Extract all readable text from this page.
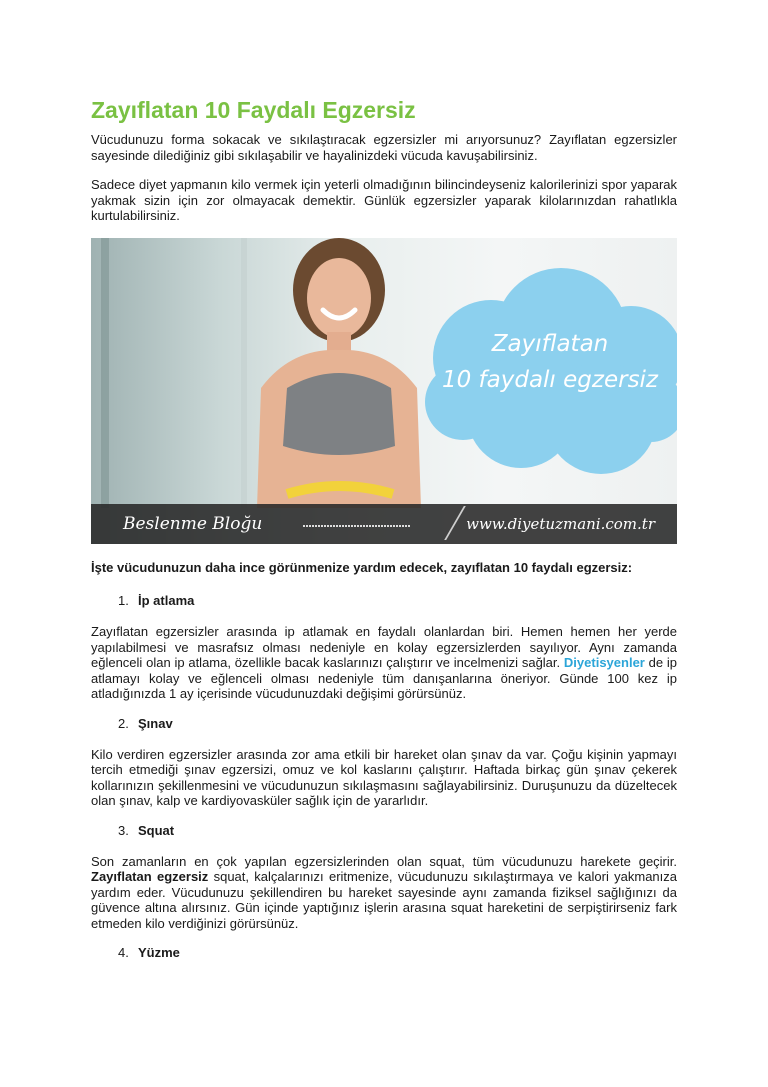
Zayıflatan 10 Faydalı Egzersiz

Vücudunuzu forma sokacak ve sıkılaştıracak egzersizler mi arıyorsunuz? Zayıflatan egzersizler sayesinde dilediğiniz gibi sıkılaşabilir ve hayalinizdeki vücuda kavuşabilirsiniz.

Sadece diyet yapmanın kilo vermek için yeterli olmadığının bilincindeyseniz kalorilerinizi spor yaparak yakmak sizin için zor olmayacak demektir. Günlük egzersizler yaparak kilolarınızdan rahatlıkla kurtulabilirsiniz.

Zayıflatan
10 faydalı egzersiz
Beslenme Bloğu	www.diyetuzmani.com.tr

İşte vücudunuzun daha ince görünmenize yardım edecek, zayıflatan 10 faydalı egzersiz:

1. İp atlama

Zayıflatan egzersizler arasında ip atlamak en faydalı olanlardan biri. Hemen hemen her yerde yapılabilmesi ve masrafsız olması nedeniyle en kolay egzersizlerden sayılıyor. Aynı zamanda eğlenceli olan ip atlama, özellikle bacak kaslarınızı çalıştırır ve incelmenizi sağlar. Diyetisyenler de ip atlamayı kolay ve eğlenceli olması nedeniyle tüm danışanlarına öneriyor. Günde 100 kez ip atladığınızda 1 ay içerisinde vücudunuzdaki değişimi görürsünüz.

2. Şınav

Kilo verdiren egzersizler arasında zor ama etkili bir hareket olan şınav da var. Çoğu kişinin yapmayı tercih etmediği şınav egzersizi, omuz ve kol kaslarını çalıştırır. Haftada birkaç gün şınav çekerek kollarınızın şekillenmesini ve vücudunuzun sıkılaşmasını sağlayabilirsiniz. Duruşunuzu da düzeltecek olan şınav, kalp ve kardiyovasküler sağlık için de yararlıdır.

3. Squat

Son zamanların en çok yapılan egzersizlerinden olan squat, tüm vücudunuzu harekete geçirir. Zayıflatan egzersiz squat, kalçalarınızı eritmenize, vücudunuzu sıkılaştırmaya ve kalori yakmanıza yardım eder. Vücudunuzu şekillendiren bu hareket sayesinde aynı zamanda fiziksel sağlığınızı da güvence altına alırsınız. Gün içinde yaptığınız işlerin arasına squat hareketini de serpiştirirseniz fark etmeden kilo verdiğinizi görürsünüz.

4. Yüzme
